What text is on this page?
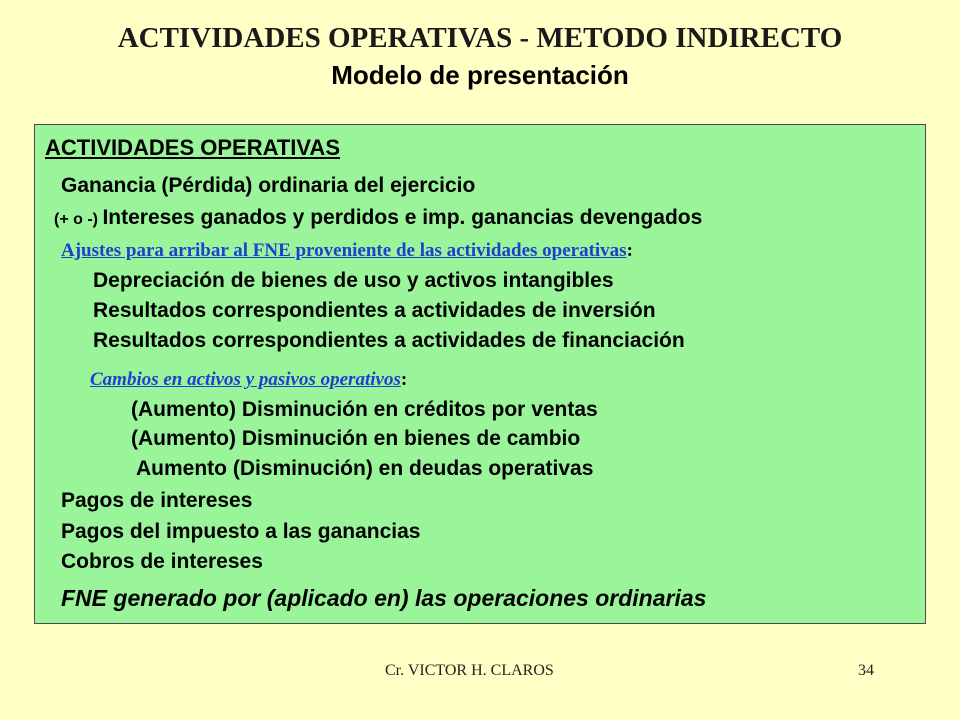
ACTIVIDADES OPERATIVAS - METODO INDIRECTO
Modelo de presentación
ACTIVIDADES OPERATIVAS
Ganancia (Pérdida) ordinaria del ejercicio
(+ o -) Intereses ganados y perdidos e imp. ganancias devengados
Ajustes para arribar al FNE proveniente de las actividades operativas:
Depreciación de bienes de uso y activos intangibles
Resultados correspondientes a actividades de inversión
Resultados correspondientes a actividades de financiación
Cambios en activos y pasivos operativos:
(Aumento) Disminución en créditos por ventas
(Aumento) Disminución en bienes de cambio
Aumento (Disminución) en deudas operativas
Pagos de intereses
Pagos del impuesto a las ganancias
Cobros de intereses
FNE generado por (aplicado en) las operaciones ordinarias
Cr. VICTOR H. CLAROS	34
